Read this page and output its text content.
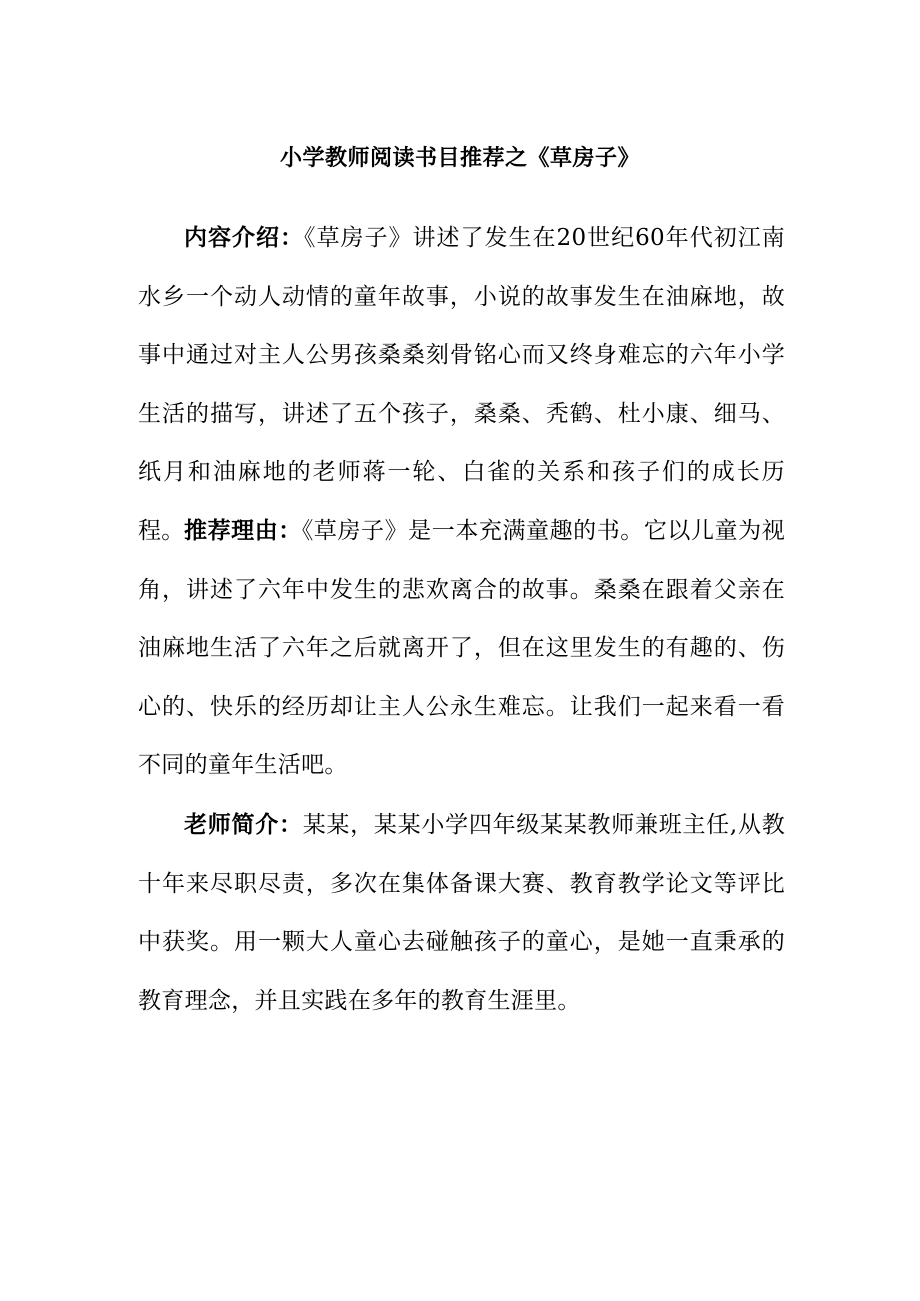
小学教师阅读书目推荐之《草房子》

内容介绍：《草房子》讲述了发生在20世纪60年代初江南水乡一个动人动情的童年故事，小说的故事发生在油麻地，故事中通过对主人公男孩桑桑刻骨铭心而又终身难忘的六年小学生活的描写，讲述了五个孩子，桑桑、秃鹤、杜小康、细马、纸月和油麻地的老师蒋一轮、白雀的关系和孩子们的成长历程。 推荐理由：《草房子》是一本充满童趣的书。它以儿童为视角，讲述了六年中发生的悲欢离合的故事。桑桑在跟着父亲在油麻地生活了六年之后就离开了，但在这里发生的有趣的、伤心的、快乐的经历却让主人公永生难忘。让我们一起来看一看不同的童年生活吧。

老师简介：某某，某某小学四年级某某教师兼班主任,从教十年来尽职尽责，多次在集体备课大赛、教育教学论文等评比中获奖。用一颗大人童心去碰触孩子的童心，是她一直秉承的教育理念，并且实践在多年的教育生涯里。
